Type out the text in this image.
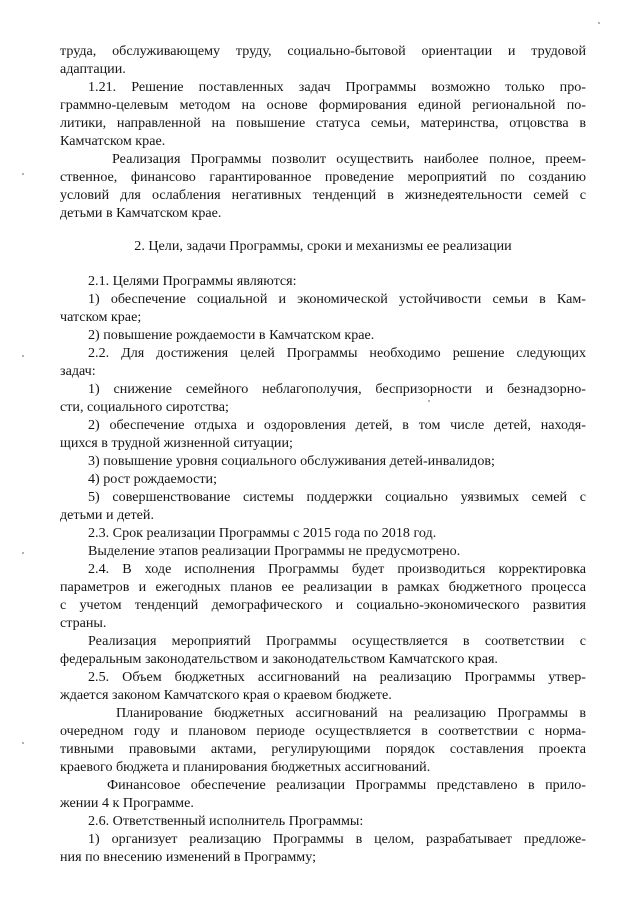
труда, обслуживающему труду, социально-бытовой ориентации и трудовой
адаптации.
1.21. Решение поставленных задач Программы возможно только про-
граммно-целевым методом на основе формирования единой региональной по-
литики, направленной на повышение статуса семьи, материнства, отцовства в
Камчатском крае.
Реализация Программы позволит осуществить наиболее полное, преем-
ственное, финансово гарантированное проведение мероприятий по созданию
условий для ослабления негативных тенденций в жизнедеятельности семей с
детьми в Камчатском крае.
2. Цели, задачи Программы, сроки и механизмы ее реализации
2.1. Целями Программы являются:
1) обеспечение социальной и экономической устойчивости семьи в Кам-
чатском крае;
2) повышение рождаемости в Камчатском крае.
2.2. Для достижения целей Программы необходимо решение следующих
задач:
1) снижение семейного неблагополучия, беспризорности и безнадзорно-
сти, социального сиротства;
2) обеспечение отдыха и оздоровления детей, в том числе детей, находя-
щихся в трудной жизненной ситуации;
3) повышение уровня социального обслуживания детей-инвалидов;
4) рост рождаемости;
5) совершенствование системы поддержки социально уязвимых семей с
детьми и детей.
2.3. Срок реализации Программы с 2015 года по 2018 год.
Выделение этапов реализации Программы не предусмотрено.
2.4. В ходе исполнения Программы будет производиться корректировка
параметров и ежегодных планов ее реализации в рамках бюджетного процесса
с учетом тенденций демографического и социально-экономического развития
страны.
Реализация мероприятий Программы осуществляется в соответствии с
федеральным законодательством и законодательством Камчатского края.
2.5. Объем бюджетных ассигнований на реализацию Программы утвер-
ждается законом Камчатского края о краевом бюджете.
Планирование бюджетных ассигнований на реализацию Программы в
очередном году и плановом периоде осуществляется в соответствии с норма-
тивными правовыми актами, регулирующими порядок составления проекта
краевого бюджета и планирования бюджетных ассигнований.
Финансовое обеспечение реализации Программы представлено в прило-
жении 4 к Программе.
2.6. Ответственный исполнитель Программы:
1) организует реализацию Программы в целом, разрабатывает предложе-
ния по внесению изменений в Программу;
